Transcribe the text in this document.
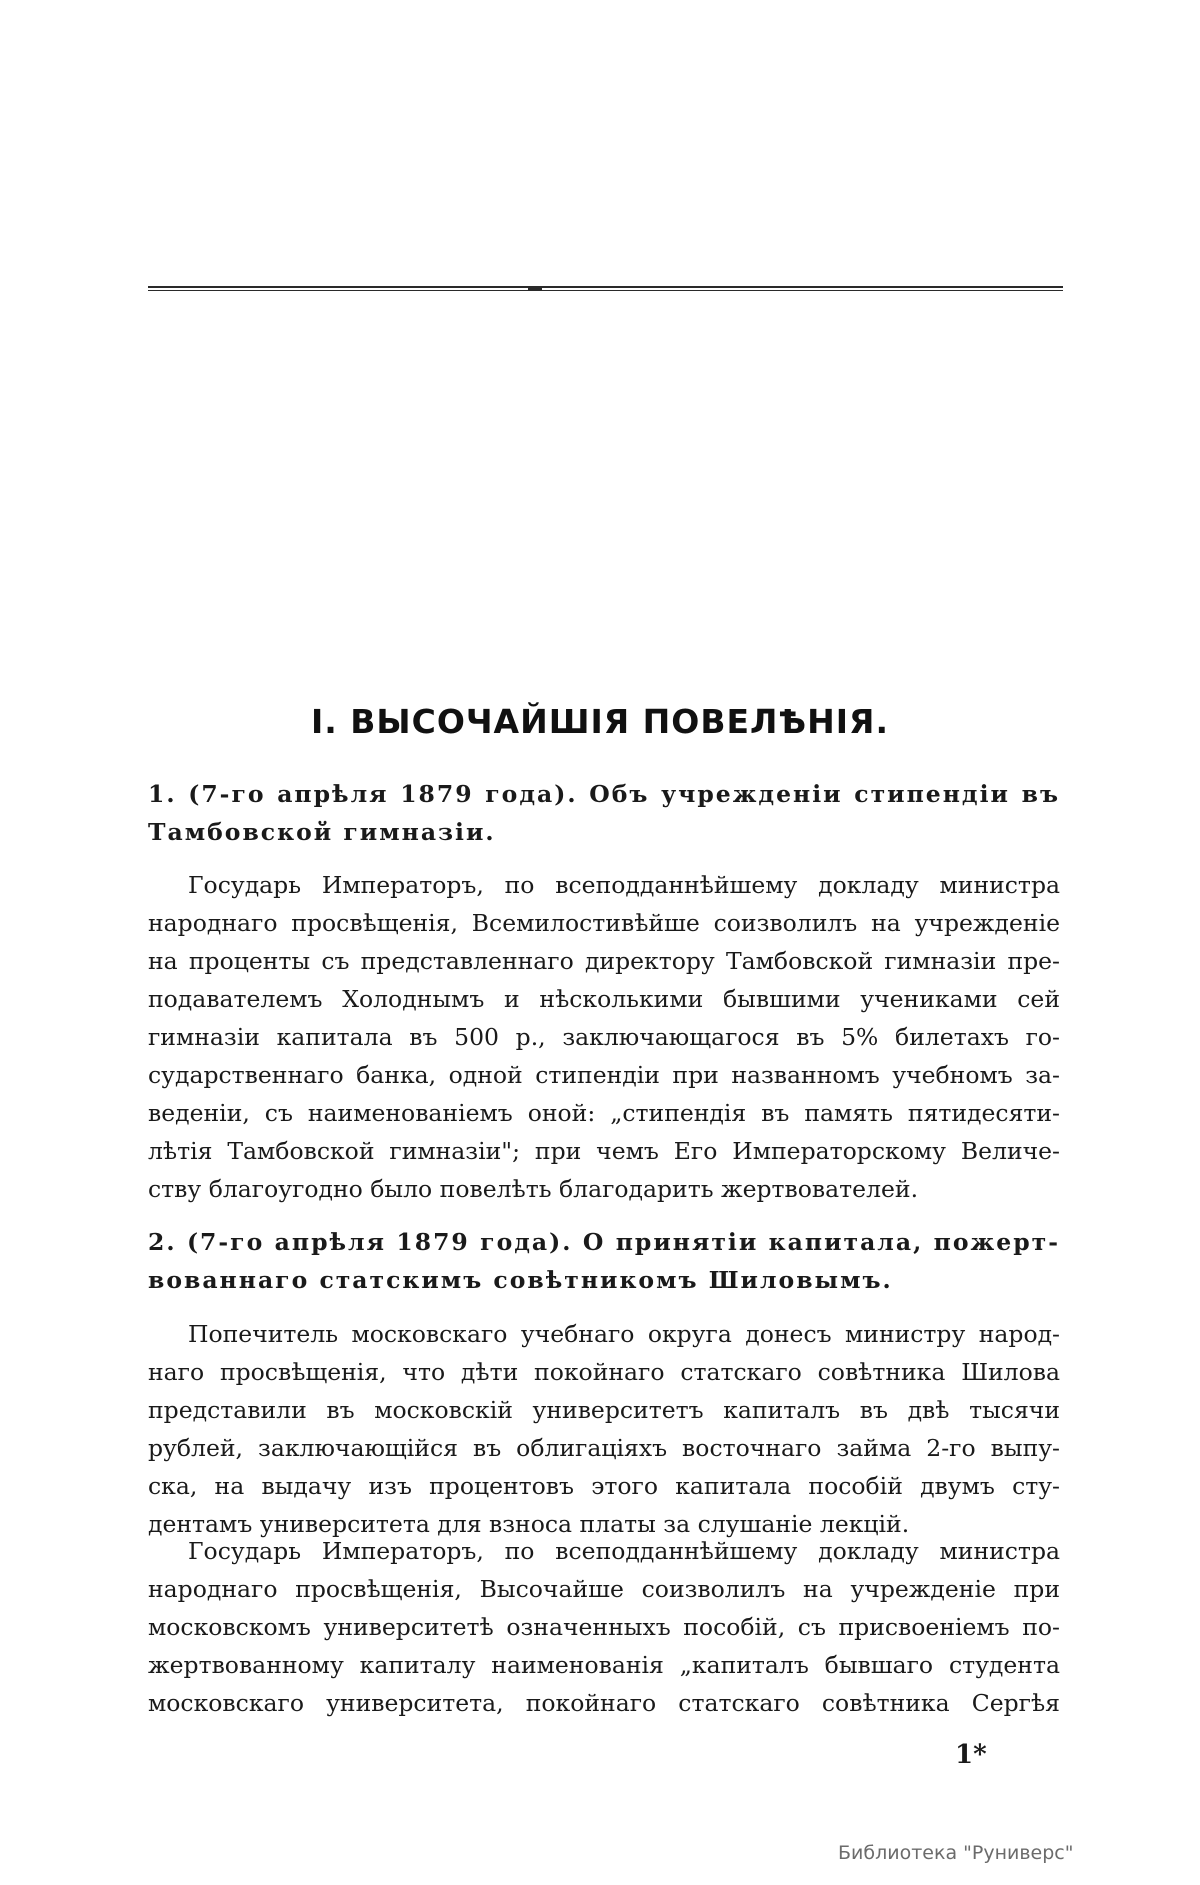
I. ВЫСОЧАЙШІЯ ПОВЕЛѢНІЯ.
1. (7-го апрѣля 1879 года). Объ учрежденіи стипендіи въ
Тамбовской гимназіи.
Государь Императоръ, по всеподданнѣйшему докладу министра
народнаго просвѣщенія, Всемилостивѣйше соизволилъ на учрежденіе
на проценты съ представленнаго директору Тамбовской гимназіи пре-
подавателемъ Холоднымъ и нѣсколькими бывшими учениками сей
гимназіи капитала въ 500 р., заключающагося въ 5% билетахъ го-
сударственнаго банка, одной стипендіи при названномъ учебномъ за-
веденіи, съ наименованіемъ оной: „стипендія въ память пятидесяти-
лѣтія Тамбовской гимназіи"; при чемъ Его Императорскому Величе-
ству благоугодно было повелѣть благодарить жертвователей.
2. (7-го апрѣля 1879 года). О принятіи капитала, пожерт-
вованнаго статскимъ совѣтникомъ Шиловымъ.
Попечитель московскаго учебнаго округа донесъ министру народ-
наго просвѣщенія, что дѣти покойнаго статскаго совѣтника Шилова
представили въ московскій университетъ капиталъ въ двѣ тысячи
рублей, заключающійся въ облигаціяхъ восточнаго займа 2-го выпу-
ска, на выдачу изъ процентовъ этого капитала пособій двумъ сту-
дентамъ университета для взноса платы за слушаніе лекцій.
Государь Императоръ, по всеподданнѣйшему докладу министра
народнаго просвѣщенія, Высочайше соизволилъ на учрежденіе при
московскомъ университетѣ означенныхъ пособій, съ присвоеніемъ по-
жертвованному капиталу наименованія „капиталъ бывшаго студента
московскаго университета, покойнаго статскаго совѣтника Сергѣя
1*
Библиотека "Руниверс"
